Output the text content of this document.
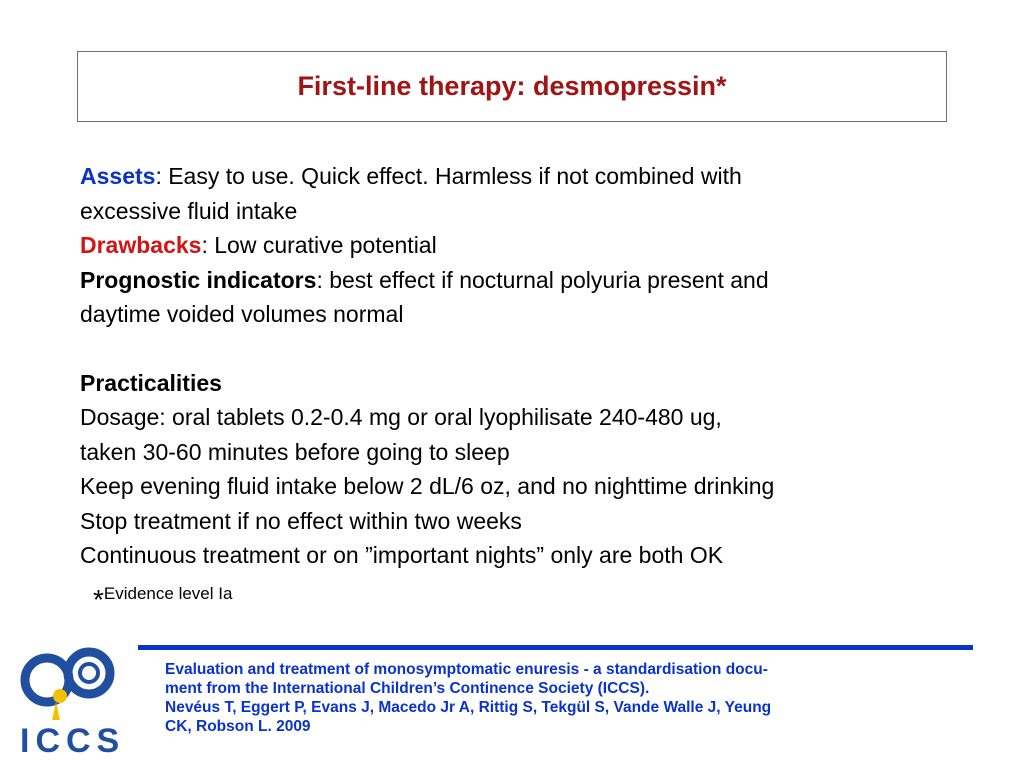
First-line therapy: desmopressin*
Assets: Easy to use. Quick effect. Harmless if not combined with
excessive fluid intake
Drawbacks: Low curative potential
Prognostic indicators: best effect if nocturnal polyuria present and
daytime voided volumes normal
Practicalities
Dosage: oral tablets 0.2-0.4 mg or oral lyophilisate 240-480 ug,
taken 30-60 minutes before going to sleep
Keep evening fluid intake below 2 dL/6 oz, and no nighttime drinking
Stop treatment if no effect within two weeks
Continuous treatment or on ”important nights” only are both OK
*Evidence level Ia
ICCS
Evaluation and treatment of monosymptomatic enuresis - a standardisation docu-
ment from the International Children’s Continence Society (ICCS).
Nevéus T, Eggert P, Evans J, Macedo Jr A, Rittig S, Tekgül S, Vande Walle J, Yeung
CK, Robson L. 2009
